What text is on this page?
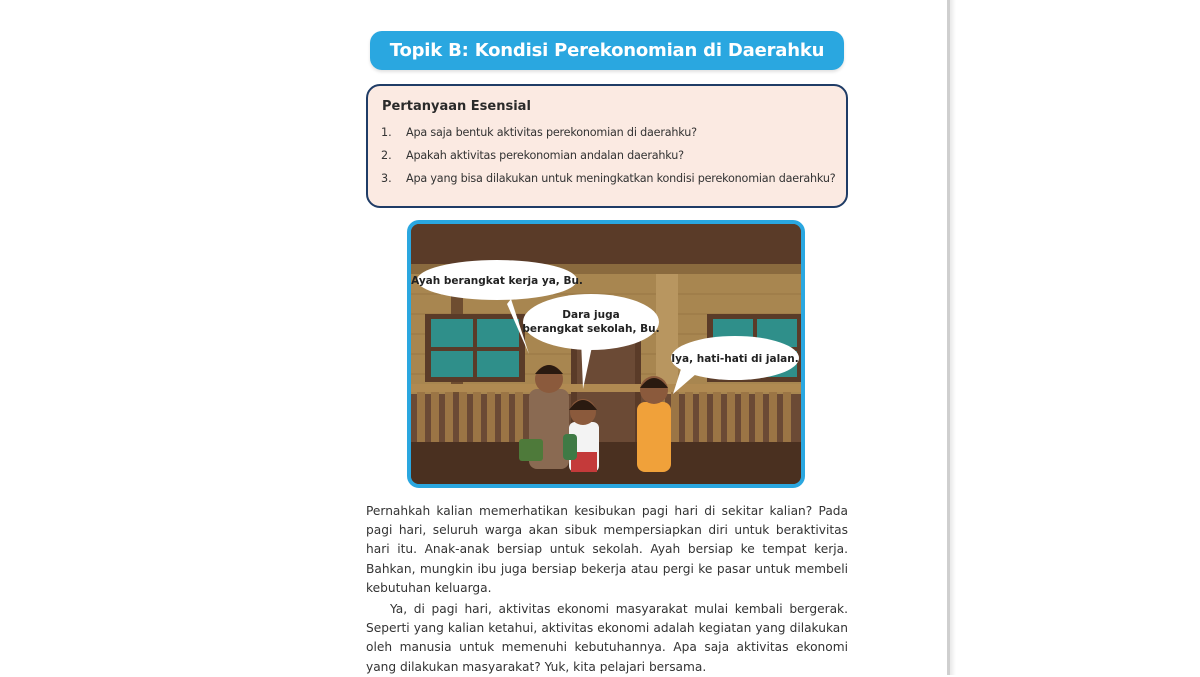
Topik B: Kondisi Perekonomian di Daerahku
Pertanyaan Esensial
1.	Apa saja bentuk aktivitas perekonomian di daerahku?
2.	Apakah aktivitas perekonomian andalan daerahku?
3.	Apa yang bisa dilakukan untuk meningkatkan kondisi perekonomian daerahku?
Ayah berangkat kerja ya, Bu.
Dara juga
berangkat sekolah, Bu.
Iya, hati-hati di jalan.

Pernahkah kalian memerhatikan kesibukan pagi hari di sekitar kalian? Pada pagi hari, seluruh warga akan sibuk mempersiapkan diri untuk beraktivitas hari itu. Anak-anak bersiap untuk sekolah. Ayah bersiap ke tempat kerja. Bahkan, mungkin ibu juga bersiap bekerja atau pergi ke pasar untuk membeli kebutuhan keluarga.

Ya, di pagi hari, aktivitas ekonomi masyarakat mulai kembali bergerak. Seperti yang kalian ketahui, aktivitas ekonomi adalah kegiatan yang dilakukan oleh manusia untuk memenuhi kebutuhannya. Apa saja aktivitas ekonomi yang dilakukan masyarakat? Yuk, kita pelajari bersama.
